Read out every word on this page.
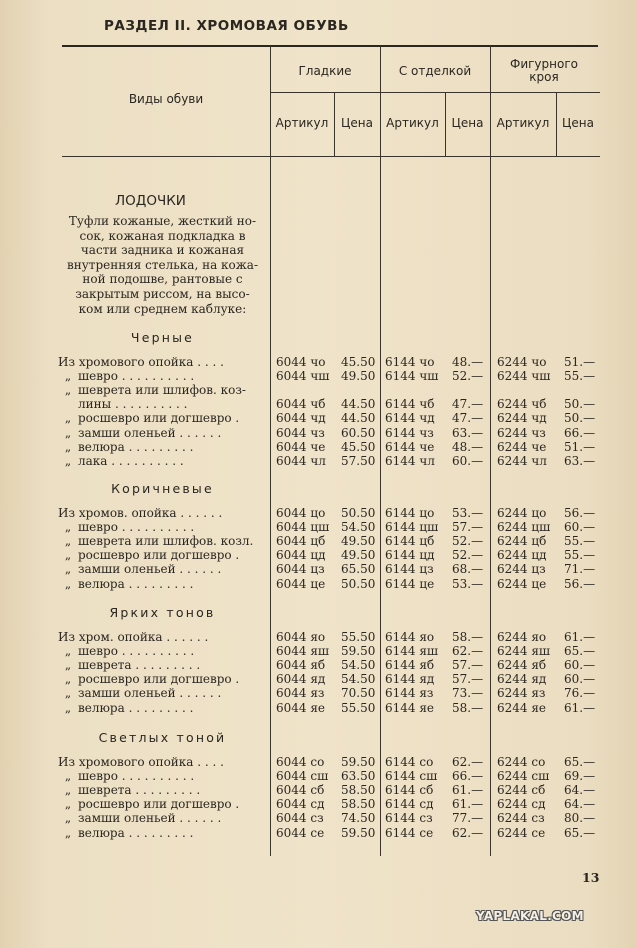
РАЗДЕЛ II. ХРОМОВАЯ ОБУВЬ
Виды обуви
Гладкие	С отделкой	Фигурного кроя
Артикул	Цена	Артикул	Цена	Артикул	Цена
ЛОДОЧКИ
Туфли кожаные, жесткий но-
сок, кожаная подкладка в
части задника и кожаная
внутренняя стелька, на кожа-
ной подошве, рантовые с
закрытым риссом, на высо-
ком или среднем каблуке:
Черные
Из хромового опойка . . . .	6044 чо 45.50 6144 чо 48.— 6244 чо 51.—
„ шевро . . . . . . . . . .	6044 чш 49.50 6144 чш 52.— 6244 чш 55.—
„ шеврета или шлифов. коз-
лины . . . . . . . . . .	6044 чб 44.50 6144 чб 47.— 6244 чб 50.—
„ росшевро или догшевро .	6044 чд 44.50 6144 чд 47.— 6244 чд 50.—
„ замши оленьей . . . . . .	6044 чз 60.50 6144 чз 63.— 6244 чз 66.—
„ велюра . . . . . . . . .	6044 че 45.50 6144 че 48.— 6244 че 51.—
„ лака . . . . . . . . . .	6044 чл 57.50 6144 чл 60.— 6244 чл 63.—
Коричневые
Из хромов. опойка . . . . . .	6044 цо 50.50 6144 цо 53.— 6244 цо 56.—
„ шевро . . . . . . . . . .	6044 цш 54.50 6144 цш 57.— 6244 цш 60.—
„ шеврета или шлифов. козл.	6044 цб 49.50 6144 цб 52.— 6244 цб 55.—
„ росшевро или догшевро .	6044 цд 49.50 6144 цд 52.— 6244 цд 55.—
„ замши оленьей . . . . . .	6044 цз 65.50 6144 цз 68.— 6244 цз 71.—
„ велюра . . . . . . . . .	6044 це 50.50 6144 це 53.— 6244 це 56.—
Ярких тонов
Из хром. опойка . . . . . .	6044 яо 55.50 6144 яо 58.— 6244 яо 61.—
„ шевро . . . . . . . . . .	6044 яш 59.50 6144 яш 62.— 6244 яш 65.—
„ шеврета . . . . . . . . .	6044 яб 54.50 6144 яб 57.— 6244 яб 60.—
„ росшевро или догшевро .	6044 яд 54.50 6144 яд 57.— 6244 яд 60.—
„ замши оленьей . . . . . .	6044 яз 70.50 6144 яз 73.— 6244 яз 76.—
„ велюра . . . . . . . . .	6044 яе 55.50 6144 яе 58.— 6244 яе 61.—
Светлых тоной
Из хромового опойка . . . .	6044 со 59.50 6144 со 62.— 6244 со 65.—
„ шевро . . . . . . . . . .	6044 сш 63.50 6144 сш 66.— 6244 сш 69.—
„ шеврета . . . . . . . . .	6044 сб 58.50 6144 сб 61.— 6244 сб 64.—
„ росшевро или догшевро .	6044 сд 58.50 6144 сд 61.— 6244 сд 64.—
„ замши оленьей . . . . . .	6044 сз 74.50 6144 сз 77.— 6244 сз 80.—
„ велюра . . . . . . . . .	6044 се 59.50 6144 се 62.— 6244 се 65.—
13
YAPLAKAL.COM
